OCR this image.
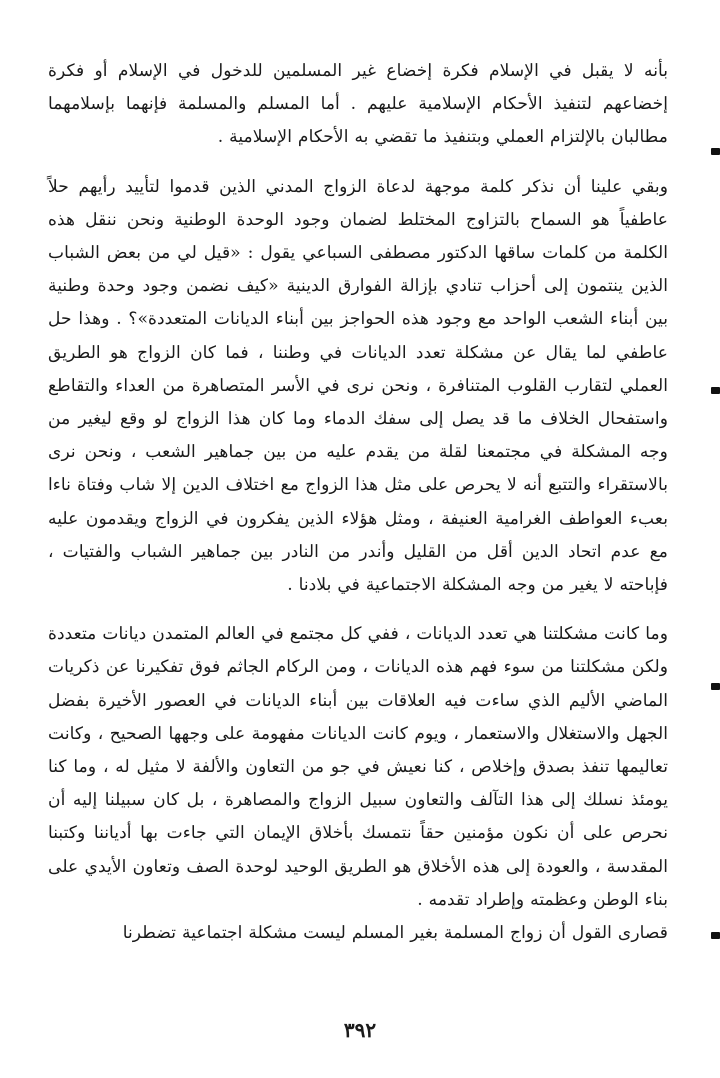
بأنه لا يقبل في الإسلام فكرة إخضاع غير المسلمين للدخول في الإسلام أو فكرة إخضاعهم لتنفيذ الأحكام الإسلامية عليهم . أما المسلم والمسلمة فإنهما بإسلامهما مطالبان بالإلتزام العملي وبتنفيذ ما تقضي به الأحكام الإسلامية .

وبقي علينا أن نذكر كلمة موجهة لدعاة الزواج المدني الذين قدموا لتأييد رأيهم حلاً عاطفياً هو السماح بالتزاوج المختلط لضمان وجود الوحدة الوطنية ونحن ننقل هذه الكلمة من كلمات ساقها الدكتور مصطفى السباعي يقول : «قيل لي من بعض الشباب الذين ينتمون إلى أحزاب تنادي بإزالة الفوارق الدينية «كيف نضمن وجود وحدة وطنية بين أبناء الشعب الواحد مع وجود هذه الحواجز بين أبناء الديانات المتعددة»؟ . وهذا حل عاطفي لما يقال عن مشكلة تعدد الديانات في وطننا ، فما كان الزواج هو الطريق العملي لتقارب القلوب المتنافرة ، ونحن نرى في الأسر المتصاهرة من العداء والتقاطع واستفحال الخلاف ما قد يصل إلى سفك الدماء وما كان هذا الزواج لو وقع ليغير من وجه المشكلة في مجتمعنا لقلة من يقدم عليه من بين جماهير الشعب ، ونحن نرى بالاستقراء والتتبع أنه لا يحرص على مثل هذا الزواج مع اختلاف الدين إلا شاب وفتاة ناءا بعبء العواطف الغرامية العنيفة ، ومثل هؤلاء الذين يفكرون في الزواج ويقدمون عليه مع عدم اتحاد الدين أقل من القليل وأندر من النادر بين جماهير الشباب والفتيات ، فإباحته لا يغير من وجه المشكلة الاجتماعية في بلادنا .

وما كانت مشكلتنا هي تعدد الديانات ، ففي كل مجتمع في العالم المتمدن ديانات متعددة ولكن مشكلتنا من سوء فهم هذه الديانات ، ومن الركام الجاثم فوق تفكيرنا عن ذكريات الماضي الأليم الذي ساءت فيه العلاقات بين أبناء الديانات في العصور الأخيرة بفضل الجهل والاستغلال والاستعمار ، ويوم كانت الديانات مفهومة على وجهها الصحيح ، وكانت تعاليمها تنفذ بصدق وإخلاص ، كنا نعيش في جو من التعاون والألفة لا مثيل له ، وما كنا يومئذ نسلك إلى هذا التآلف والتعاون سبيل الزواج والمصاهرة ، بل كان سبيلنا إليه أن نحرص على أن نكون مؤمنين حقاً نتمسك بأخلاق الإيمان التي جاءت بها أدياننا وكتبنا المقدسة ، والعودة إلى هذه الأخلاق هو الطريق الوحيد لوحدة الصف وتعاون الأيدي على بناء الوطن وعظمته وإطراد تقدمه .

قصارى القول أن زواج المسلمة بغير المسلم ليست مشكلة اجتماعية تضطرنا

٣٩٢
